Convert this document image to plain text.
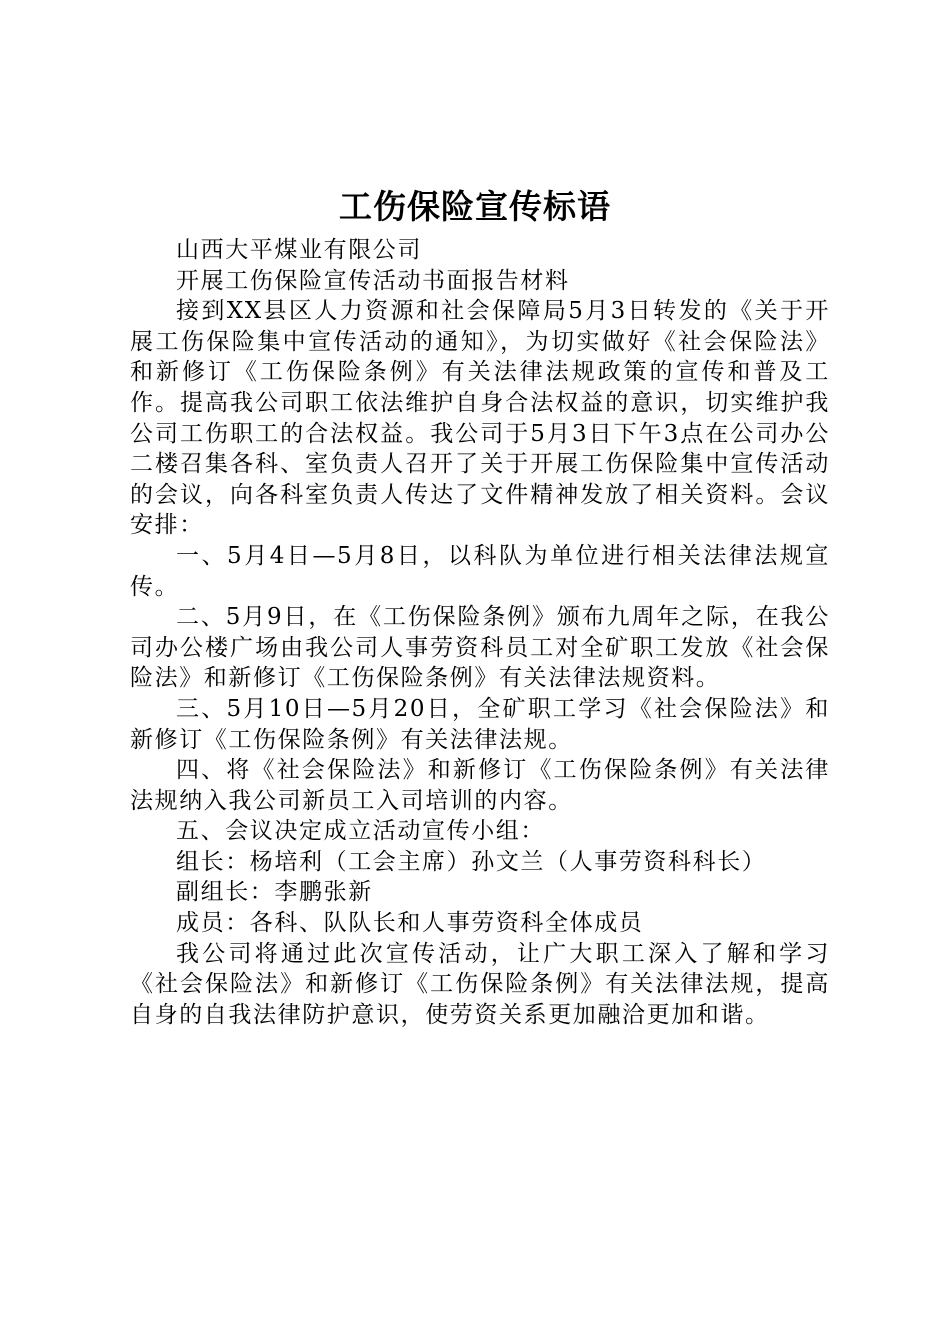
工伤保险宣传标语

山西大平煤业有限公司

开展工伤保险宣传活动书面报告材料

接到XX县区人力资源和社会保障局5月3日转发的《关于开展工伤保险集中宣传活动的通知》，为切实做好《社会保险法》和新修订《工伤保险条例》有关法律法规政策的宣传和普及工作。提高我公司职工依法维护自身合法权益的意识，切实维护我公司工伤职工的合法权益。我公司于5月3日下午3点在公司办公二楼召集各科、室负责人召开了关于开展工伤保险集中宣传活动的会议，向各科室负责人传达了文件精神发放了相关资料。会议安排：

一、5月4日—5月8日，以科队为单位进行相关法律法规宣传。

二、5月9日，在《工伤保险条例》颁布九周年之际，在我公司办公楼广场由我公司人事劳资科员工对全矿职工发放《社会保险法》和新修订《工伤保险条例》有关法律法规资料。

三、5月10日—5月20日，全矿职工学习《社会保险法》和新修订《工伤保险条例》有关法律法规。

四、将《社会保险法》和新修订《工伤保险条例》有关法律法规纳入我公司新员工入司培训的内容。

五、会议决定成立活动宣传小组：

组长：杨培利（工会主席）孙文兰（人事劳资科科长）

副组长：李鹏张新

成员：各科、队队长和人事劳资科全体成员

我公司将通过此次宣传活动，让广大职工深入了解和学习《社会保险法》和新修订《工伤保险条例》有关法律法规，提高自身的自我法律防护意识，使劳资关系更加融洽更加和谐。
